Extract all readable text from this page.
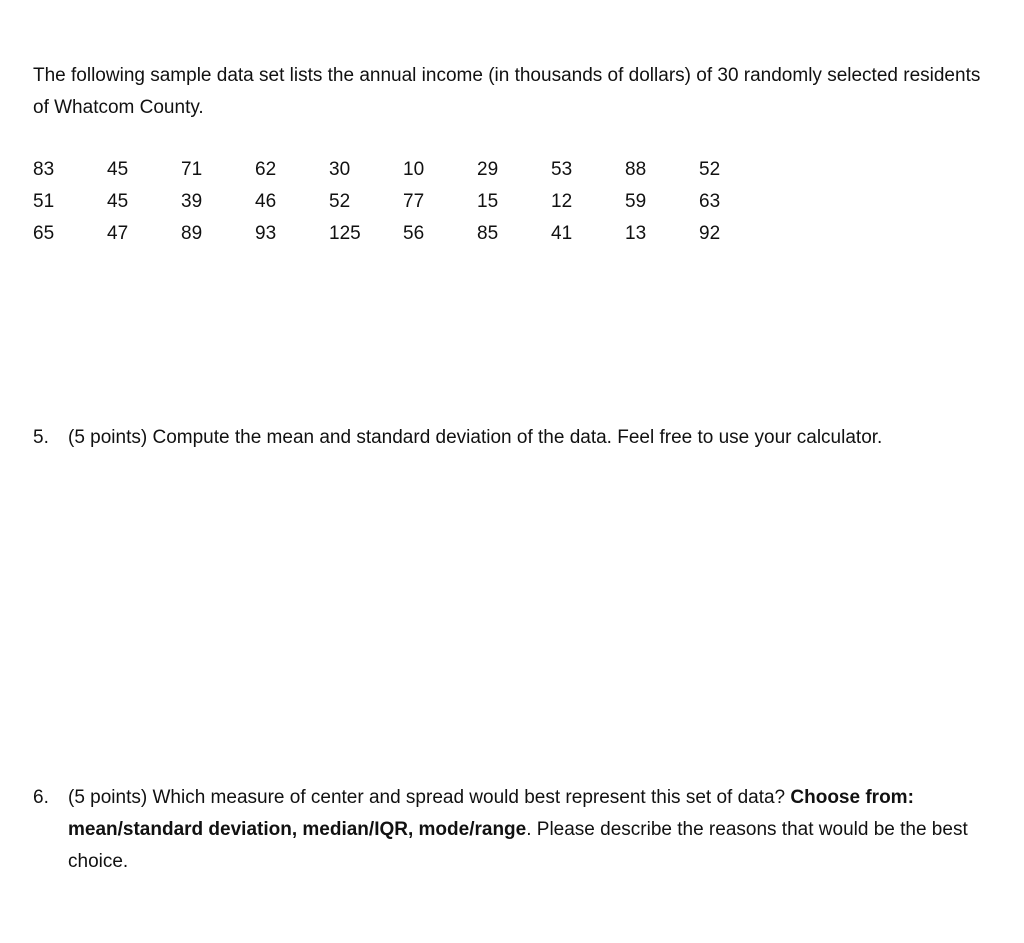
The following sample data set lists the annual income (in thousands of dollars) of 30 randomly selected residents of Whatcom County.

83	45	71	62	30	10	29	53	88	52
51	45	39	46	52	77	15	12	59	63
65	47	89	93	125	56	85	41	13	92
5.	(5 points) Compute the mean and standard deviation of the data. Feel free to use your calculator.
6.	(5 points) Which measure of center and spread would best represent this set of data? Choose from: mean/standard deviation, median/IQR, mode/range. Please describe the reasons that would be the best choice.
